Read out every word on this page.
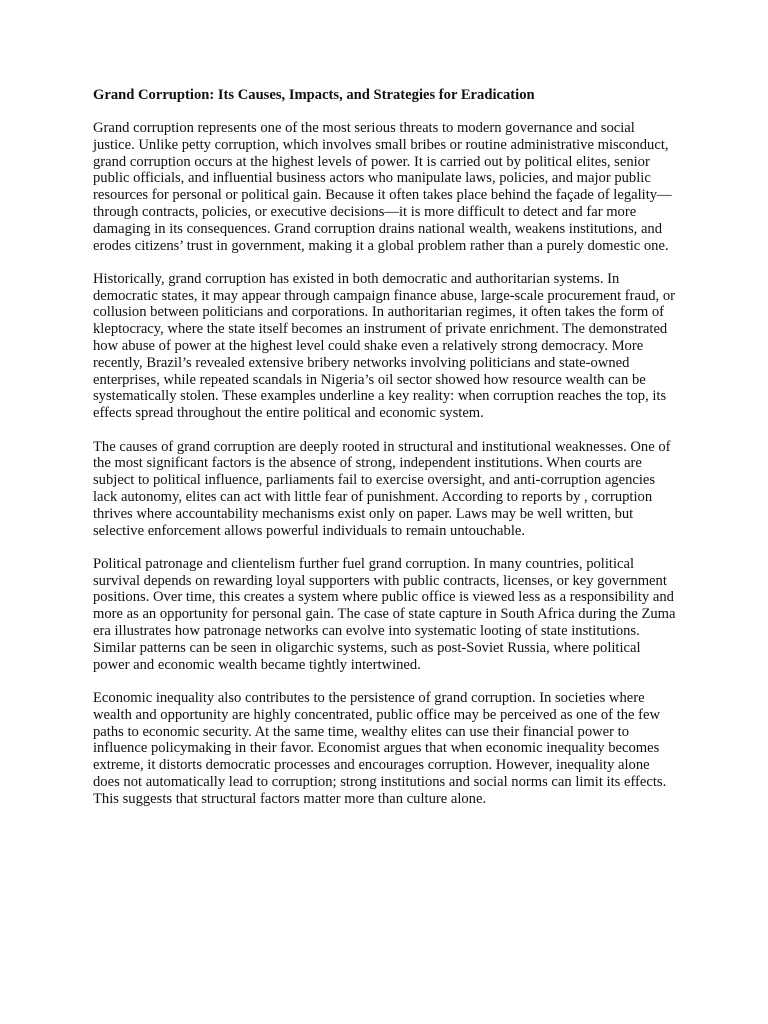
Grand Corruption: Its Causes, Impacts, and Strategies for Eradication

Grand corruption represents one of the most serious threats to modern governance and social justice. Unlike petty corruption, which involves small bribes or routine administrative misconduct, grand corruption occurs at the highest levels of power. It is carried out by political elites, senior public officials, and influential business actors who manipulate laws, policies, and major public resources for personal or political gain. Because it often takes place behind the façade of legality—through contracts, policies, or executive decisions—it is more difficult to detect and far more damaging in its consequences. Grand corruption drains national wealth, weakens institutions, and erodes citizens’ trust in government, making it a global problem rather than a purely domestic one.

Historically, grand corruption has existed in both democratic and authoritarian systems. In democratic states, it may appear through campaign finance abuse, large-scale procurement fraud, or collusion between politicians and corporations. In authoritarian regimes, it often takes the form of kleptocracy, where the state itself becomes an instrument of private enrichment. The demonstrated how abuse of power at the highest level could shake even a relatively strong democracy. More recently, Brazil’s revealed extensive bribery networks involving politicians and state-owned enterprises, while repeated scandals in Nigeria’s oil sector showed how resource wealth can be systematically stolen. These examples underline a key reality: when corruption reaches the top, its effects spread throughout the entire political and economic system.

The causes of grand corruption are deeply rooted in structural and institutional weaknesses. One of the most significant factors is the absence of strong, independent institutions. When courts are subject to political influence, parliaments fail to exercise oversight, and anti-corruption agencies lack autonomy, elites can act with little fear of punishment. According to reports by , corruption thrives where accountability mechanisms exist only on paper. Laws may be well written, but selective enforcement allows powerful individuals to remain untouchable.

Political patronage and clientelism further fuel grand corruption. In many countries, political survival depends on rewarding loyal supporters with public contracts, licenses, or key government positions. Over time, this creates a system where public office is viewed less as a responsibility and more as an opportunity for personal gain. The case of state capture in South Africa during the Zuma era illustrates how patronage networks can evolve into systematic looting of state institutions. Similar patterns can be seen in oligarchic systems, such as post-Soviet Russia, where political power and economic wealth became tightly intertwined.

Economic inequality also contributes to the persistence of grand corruption. In societies where wealth and opportunity are highly concentrated, public office may be perceived as one of the few paths to economic security. At the same time, wealthy elites can use their financial power to influence policymaking in their favor. Economist argues that when economic inequality becomes extreme, it distorts democratic processes and encourages corruption. However, inequality alone does not automatically lead to corruption; strong institutions and social norms can limit its effects. This suggests that structural factors matter more than culture alone.
